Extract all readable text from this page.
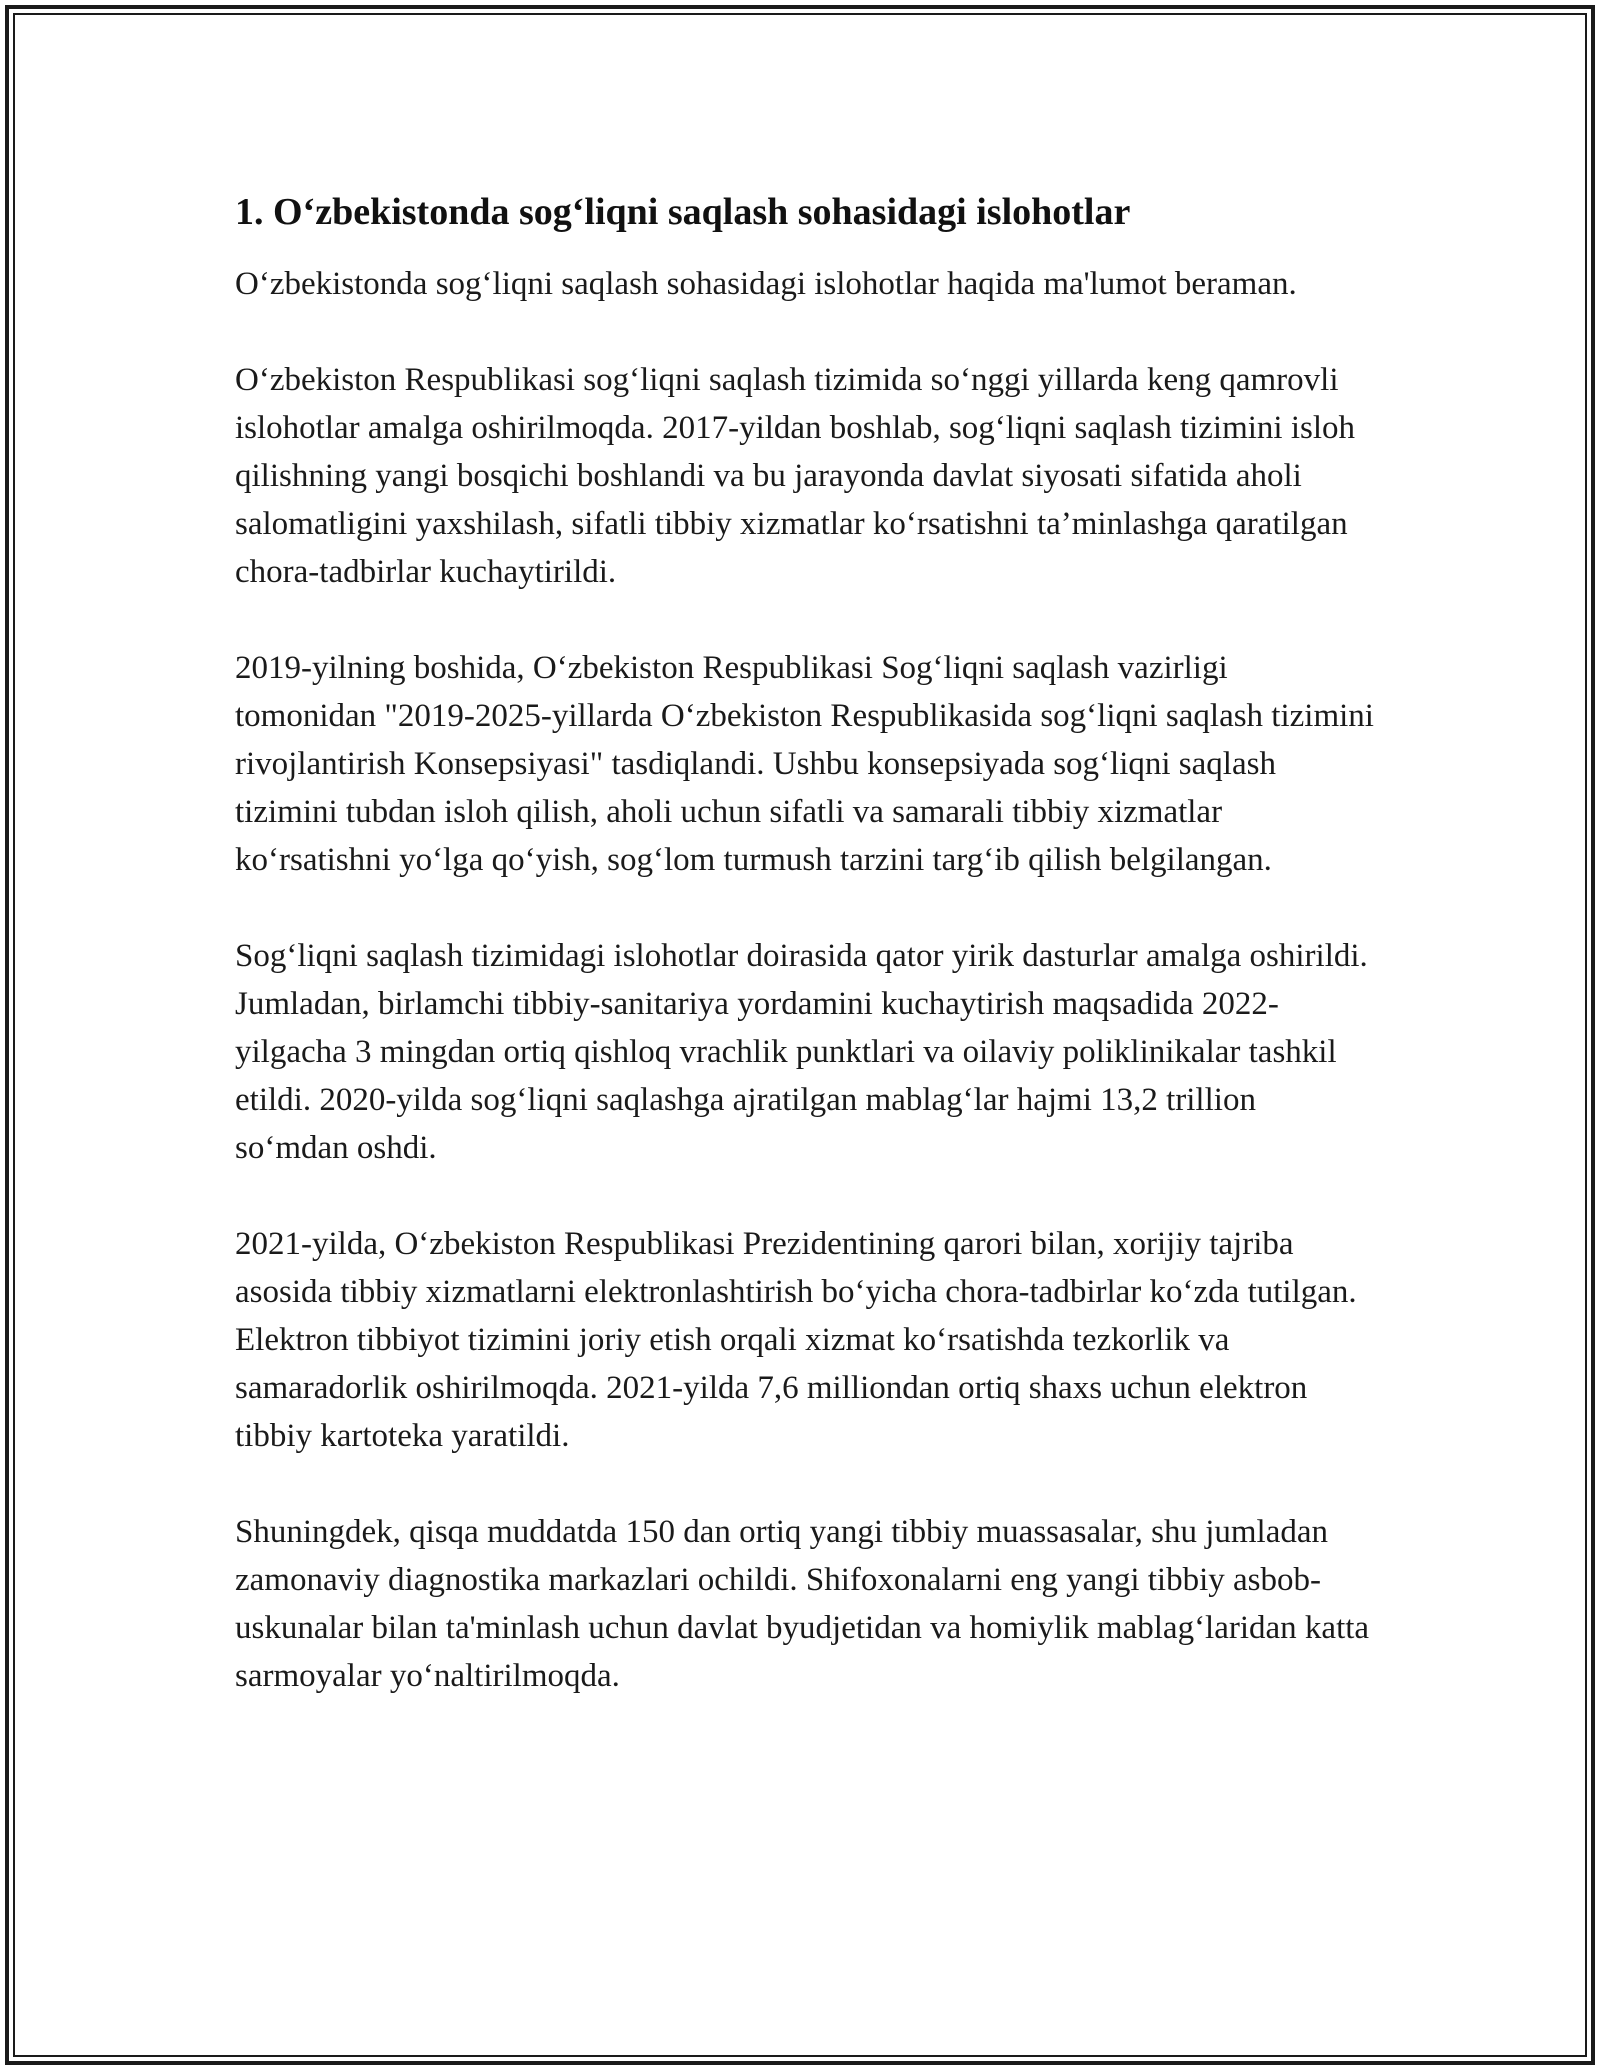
1. O‘zbekistonda sog‘liqni saqlash sohasidagi islohotlar

O‘zbekistonda sog‘liqni saqlash sohasidagi islohotlar haqida ma'lumot beraman.

O‘zbekiston Respublikasi sog‘liqni saqlash tizimida so‘nggi yillarda keng qamrovli islohotlar amalga oshirilmoqda. 2017-yildan boshlab, sog‘liqni saqlash tizimini isloh qilishning yangi bosqichi boshlandi va bu jarayonda davlat siyosati sifatida aholi salomatligini yaxshilash, sifatli tibbiy xizmatlar ko‘rsatishni ta’minlashga qaratilgan chora-tadbirlar kuchaytirildi.

2019-yilning boshida, O‘zbekiston Respublikasi Sog‘liqni saqlash vazirligi tomonidan "2019-2025-yillarda O‘zbekiston Respublikasida sog‘liqni saqlash tizimini rivojlantirish Konsepsiyasi" tasdiqlandi. Ushbu konsepsiyada sog‘liqni saqlash tizimini tubdan isloh qilish, aholi uchun sifatli va samarali tibbiy xizmatlar ko‘rsatishni yo‘lga qo‘yish, sog‘lom turmush tarzini targ‘ib qilish belgilangan.

Sog‘liqni saqlash tizimidagi islohotlar doirasida qator yirik dasturlar amalga oshirildi. Jumladan, birlamchi tibbiy-sanitariya yordamini kuchaytirish maqsadida 2022-yilgacha 3 mingdan ortiq qishloq vrachlik punktlari va oilaviy poliklinikalar tashkil etildi. 2020-yilda sog‘liqni saqlashga ajratilgan mablag‘lar hajmi 13,2 trillion so‘mdan oshdi.

2021-yilda, O‘zbekiston Respublikasi Prezidentining qarori bilan, xorijiy tajriba asosida tibbiy xizmatlarni elektronlashtirish bo‘yicha chora-tadbirlar ko‘zda tutilgan. Elektron tibbiyot tizimini joriy etish orqali xizmat ko‘rsatishda tezkorlik va samaradorlik oshirilmoqda. 2021-yilda 7,6 milliondan ortiq shaxs uchun elektron tibbiy kartoteka yaratildi.

Shuningdek, qisqa muddatda 150 dan ortiq yangi tibbiy muassasalar, shu jumladan zamonaviy diagnostika markazlari ochildi. Shifoxonalarni eng yangi tibbiy asbob-uskunalar bilan ta'minlash uchun davlat byudjetidan va homiylik mablag‘laridan katta sarmoyalar yo‘naltirilmoqda.
